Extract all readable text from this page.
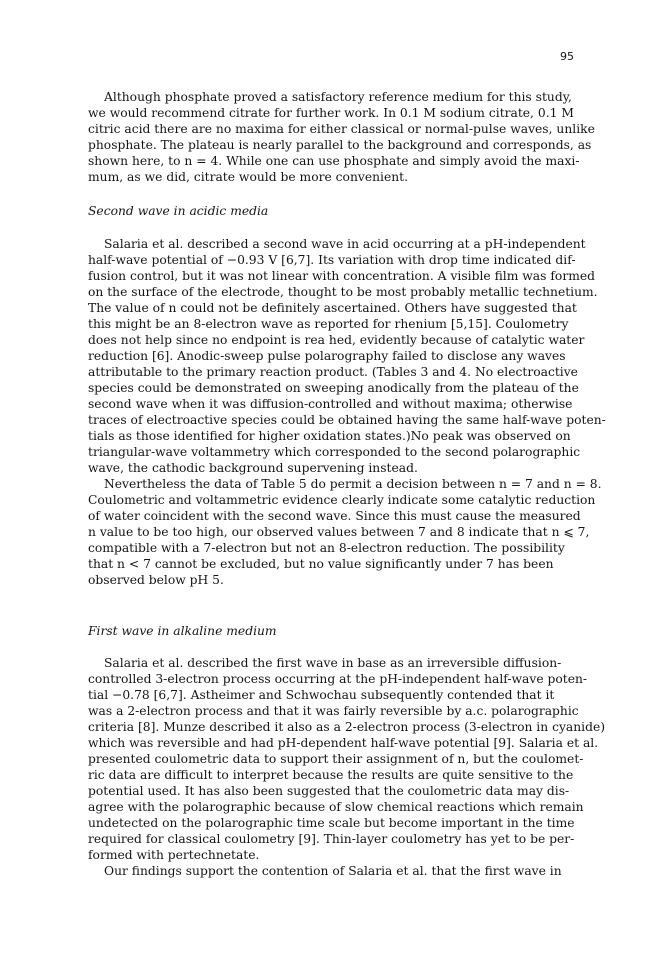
95
Although phosphate proved a satisfactory reference medium for this study,
we would recommend citrate for further work. In 0.1 M sodium citrate, 0.1 M
citric acid there are no maxima for either classical or normal-pulse waves, unlike
phosphate. The plateau is nearly parallel to the background and corresponds, as
shown here, to n = 4. While one can use phosphate and simply avoid the maxi-
mum, as we did, citrate would be more convenient.

Second wave in acidic media

Salaria et al. described a second wave in acid occurring at a pH-independent
half-wave potential of −0.93 V [6,7]. Its variation with drop time indicated dif-
fusion control, but it was not linear with concentration. A visible film was formed
on the surface of the electrode, thought to be most probably metallic technetium.
The value of n could not be definitely ascertained. Others have suggested that
this might be an 8-electron wave as reported for rhenium [5,15]. Coulometry
does not help since no endpoint is rea hed, evidently because of catalytic water
reduction [6]. Anodic-sweep pulse polarography failed to disclose any waves
attributable to the primary reaction product. (Tables 3 and 4. No electroactive
species could be demonstrated on sweeping anodically from the plateau of the
second wave when it was diffusion-controlled and without maxima; otherwise
traces of electroactive species could be obtained having the same half-wave poten-
tials as those identified for higher oxidation states.)No peak was observed on
triangular-wave voltammetry which corresponded to the second polarographic
wave, the cathodic background supervening instead.
Nevertheless the data of Table 5 do permit a decision between n = 7 and n = 8.
Coulometric and voltammetric evidence clearly indicate some catalytic reduction
of water coincident with the second wave. Since this must cause the measured
n value to be too high, our observed values between 7 and 8 indicate that n ⩽ 7,
compatible with a 7-electron but not an 8-electron reduction. The possibility
that n < 7 cannot be excluded, but no value significantly under 7 has been
observed below pH 5.

First wave in alkaline medium

Salaria et al. described the first wave in base as an irreversible diffusion-
controlled 3-electron process occurring at the pH-independent half-wave poten-
tial −0.78 [6,7]. Astheimer and Schwochau subsequently contended that it
was a 2-electron process and that it was fairly reversible by a.c. polarographic
criteria [8]. Munze described it also as a 2-electron process (3-electron in cyanide)
which was reversible and had pH-dependent half-wave potential [9]. Salaria et al.
presented coulometric data to support their assignment of n, but the coulomet-
ric data are difficult to interpret because the results are quite sensitive to the
potential used. It has also been suggested that the coulometric data may dis-
agree with the polarographic because of slow chemical reactions which remain
undetected on the polarographic time scale but become important in the time
required for classical coulometry [9]. Thin-layer coulometry has yet to be per-
formed with pertechnetate.
Our findings support the contention of Salaria et al. that the first wave in
